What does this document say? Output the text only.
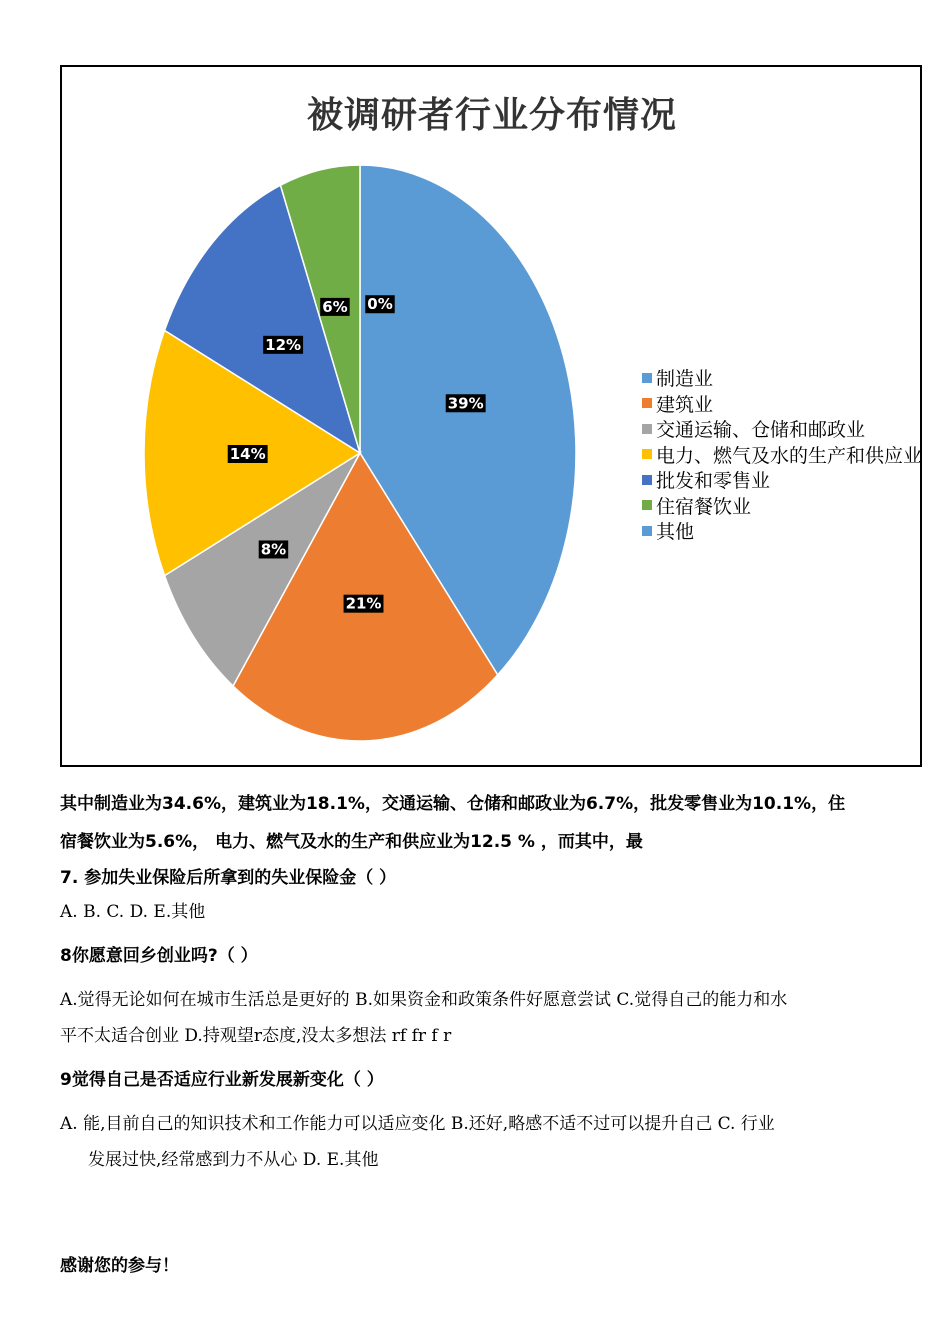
被调研者行业分布情况
39%
21%
8%
14%
12%
6% 0%
制造业
建筑业
交通运输、仓储和邮政业
电力、燃气及水的生产和供应业
批发和零售业
住宿餐饮业
其他
其中制造业为34.6%，建筑业为18.1%，交通运输、仓储和邮政业为6.7%，批发零售业为10.1%，住
宿餐饮业为5.6%， 电力、燃气及水的生产和供应业为12.5 % ，而其中，最
7. 参加失业保险后所拿到的失业保险金（ ）
A. B. C. D. E.其他
8你愿意回乡创业吗?（ ）
A.觉得无论如何在城市生活总是更好的 B.如果资金和政策条件好愿意尝试 C.觉得自己的能力和水
平不太适合创业 D.持观望r态度,没太多想法 rf fr f r
9觉得自己是否适应行业新发展新变化（ ）
A. 能,目前自己的知识技术和工作能力可以适应变化 B.还好,略感不适不过可以提升自己 C. 行业
发展过快,经常感到力不从心 D. E.其他
感谢您的参与！
